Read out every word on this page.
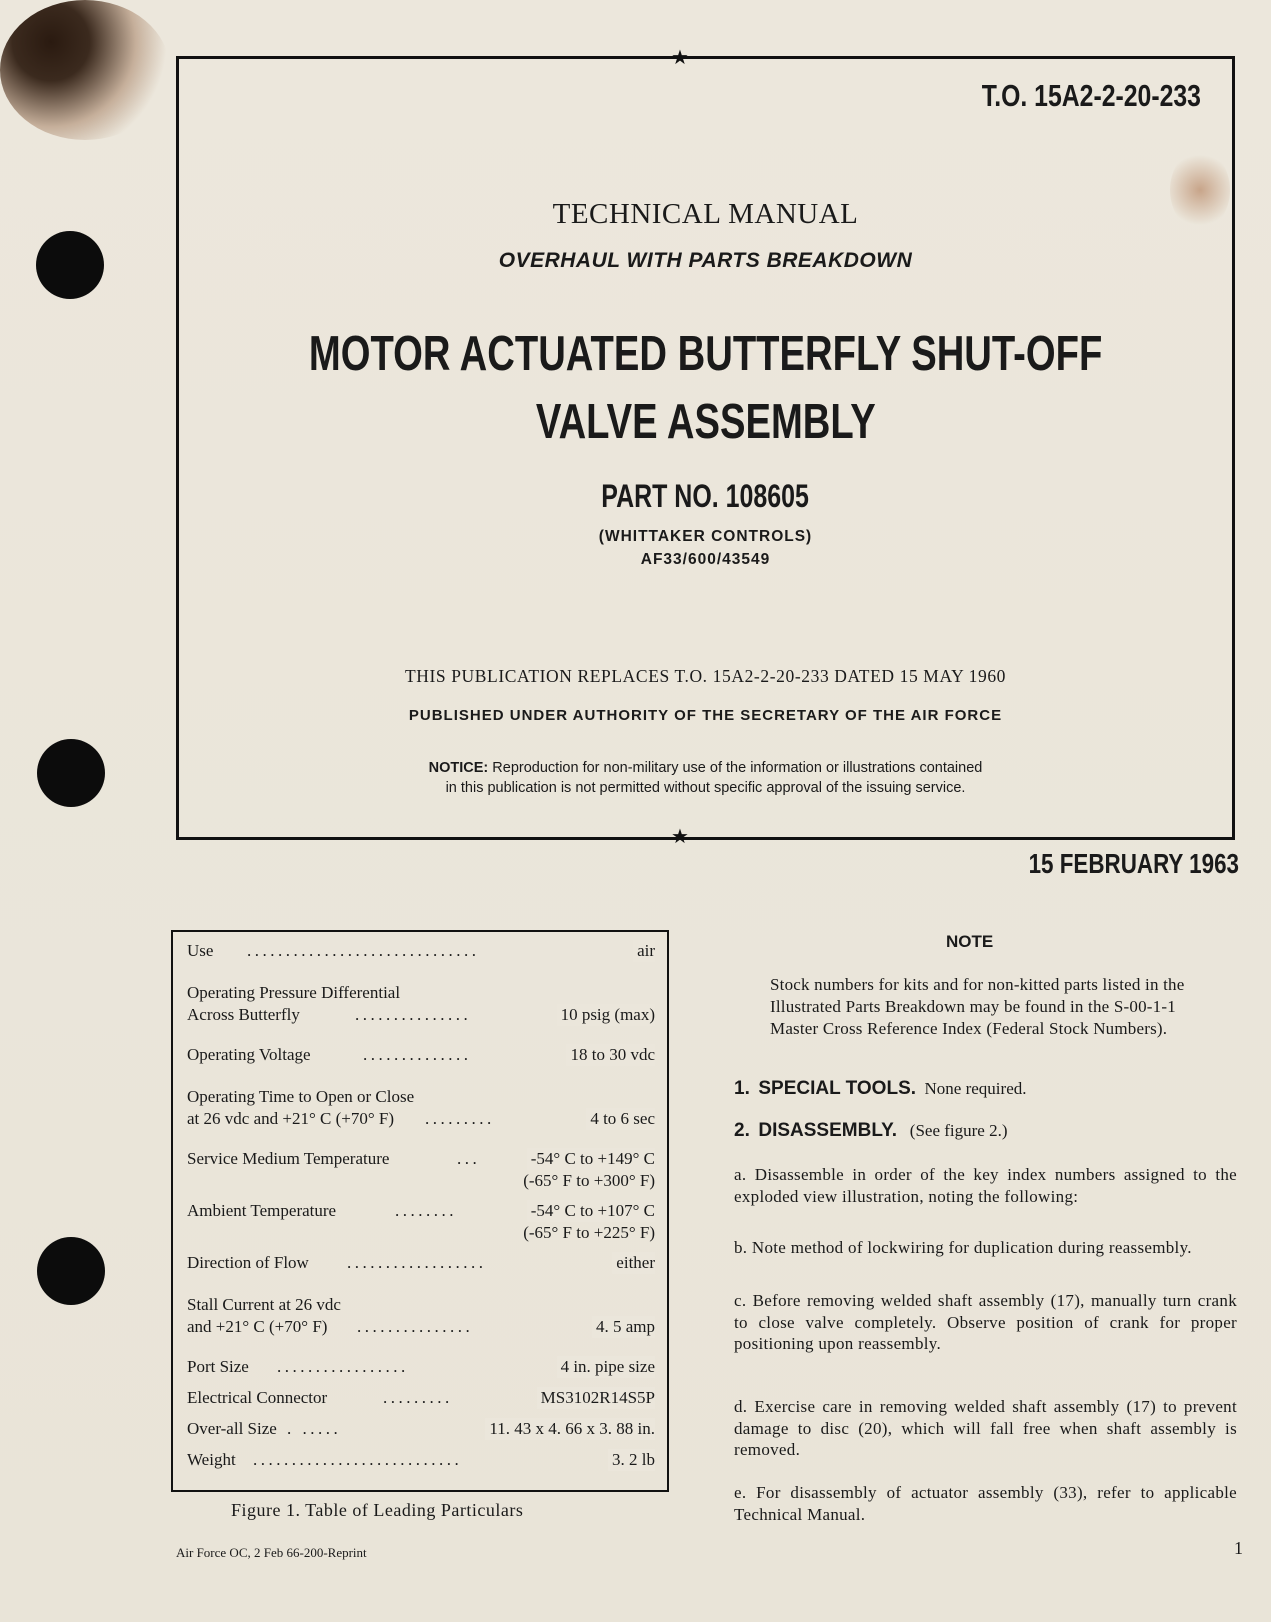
★
★
T.O. 15A2-2-20-233
TECHNICAL MANUAL
OVERHAUL WITH PARTS BREAKDOWN
MOTOR ACTUATED BUTTERFLY SHUT-OFF
VALVE ASSEMBLY
PART NO. 108605
(WHITTAKER CONTROLS)
AF33/600/43549
THIS PUBLICATION REPLACES T.O. 15A2-2-20-233 DATED 15 MAY 1960
PUBLISHED UNDER AUTHORITY OF THE SECRETARY OF THE AIR FORCE
NOTICE: Reproduction for non-military use of the information or illustrations contained
in this publication is not permitted without specific approval of the issuing service.
15 FEBRUARY 1963
Use ..............................	air
Operating Pressure Differential
Across Butterfly	...............	10 psig (max)
Operating Voltage	..............	18 to 30 vdc
Operating Time to Open or Close
at 26 vdc and +21° C (+70° F) .........	4 to 6 sec
Service Medium Temperature	...	-54° C to +149° C
(-65° F to +300° F)
Ambient Temperature	........	-54° C to +107° C
(-65° F to +225° F)
Direction of Flow ..................	either
Stall Current at 26 vdc
and +21° C (+70° F) ...............	4. 5 amp
Port Size .................	4 in. pipe size
Electrical Connector	.........	MS3102R14S5P
Over-all Size . .....	11. 43 x 4. 66 x 3. 88 in.
Weight ...........................	3. 2 lb
Figure 1. Table of Leading Particulars
NOTE
Stock numbers for kits and for non-kitted parts listed in the Illustrated Parts Breakdown may be found in the S-00-1-1 Master Cross Reference Index (Federal Stock Numbers).
1. SPECIAL TOOLS. None required.
2. DISASSEMBLY. (See figure 2.)
a. Disassemble in order of the key index numbers assigned to the exploded view illustration, noting the following:
b. Note method of lockwiring for duplication during reassembly.
c. Before removing welded shaft assembly (17), manually turn crank to close valve completely. Observe position of crank for proper positioning upon reassembly.
d. Exercise care in removing welded shaft assembly (17) to prevent damage to disc (20), which will fall free when shaft assembly is removed.
e. For disassembly of actuator assembly (33), refer to applicable Technical Manual.
Air Force OC, 2 Feb 66-200-Reprint	1
